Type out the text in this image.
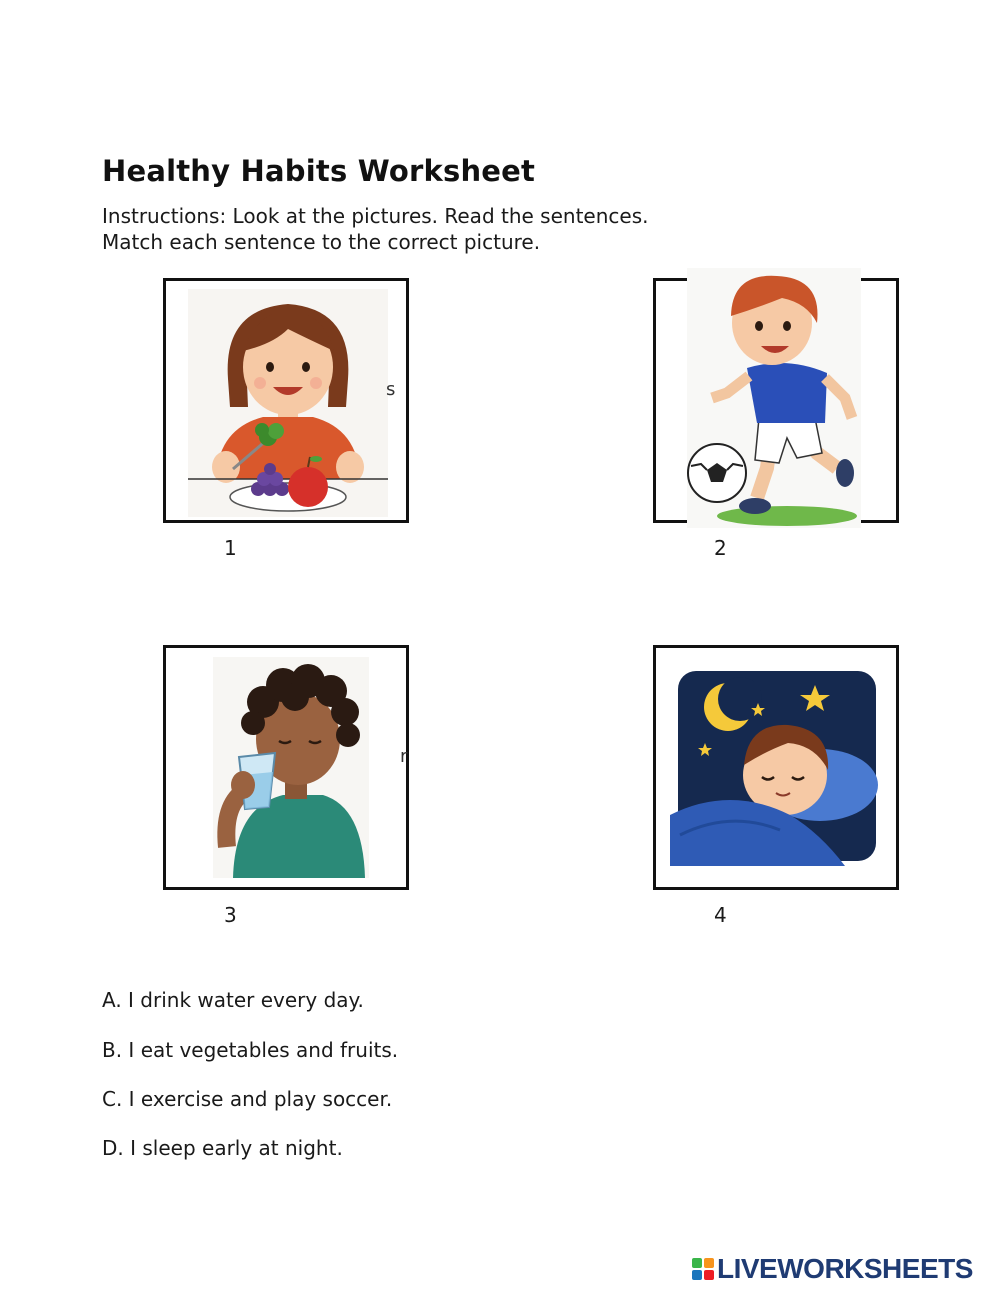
Healthy Habits Worksheet
Instructions: Look at the pictures. Read the sentences.
Match each sentence to the correct picture.
s
1	2
r
3	4
A. I drink water every day.
B. I eat vegetables and fruits.
C. I exercise and play soccer.
D. I sleep early at night.
LIVEWORKSHEETS
